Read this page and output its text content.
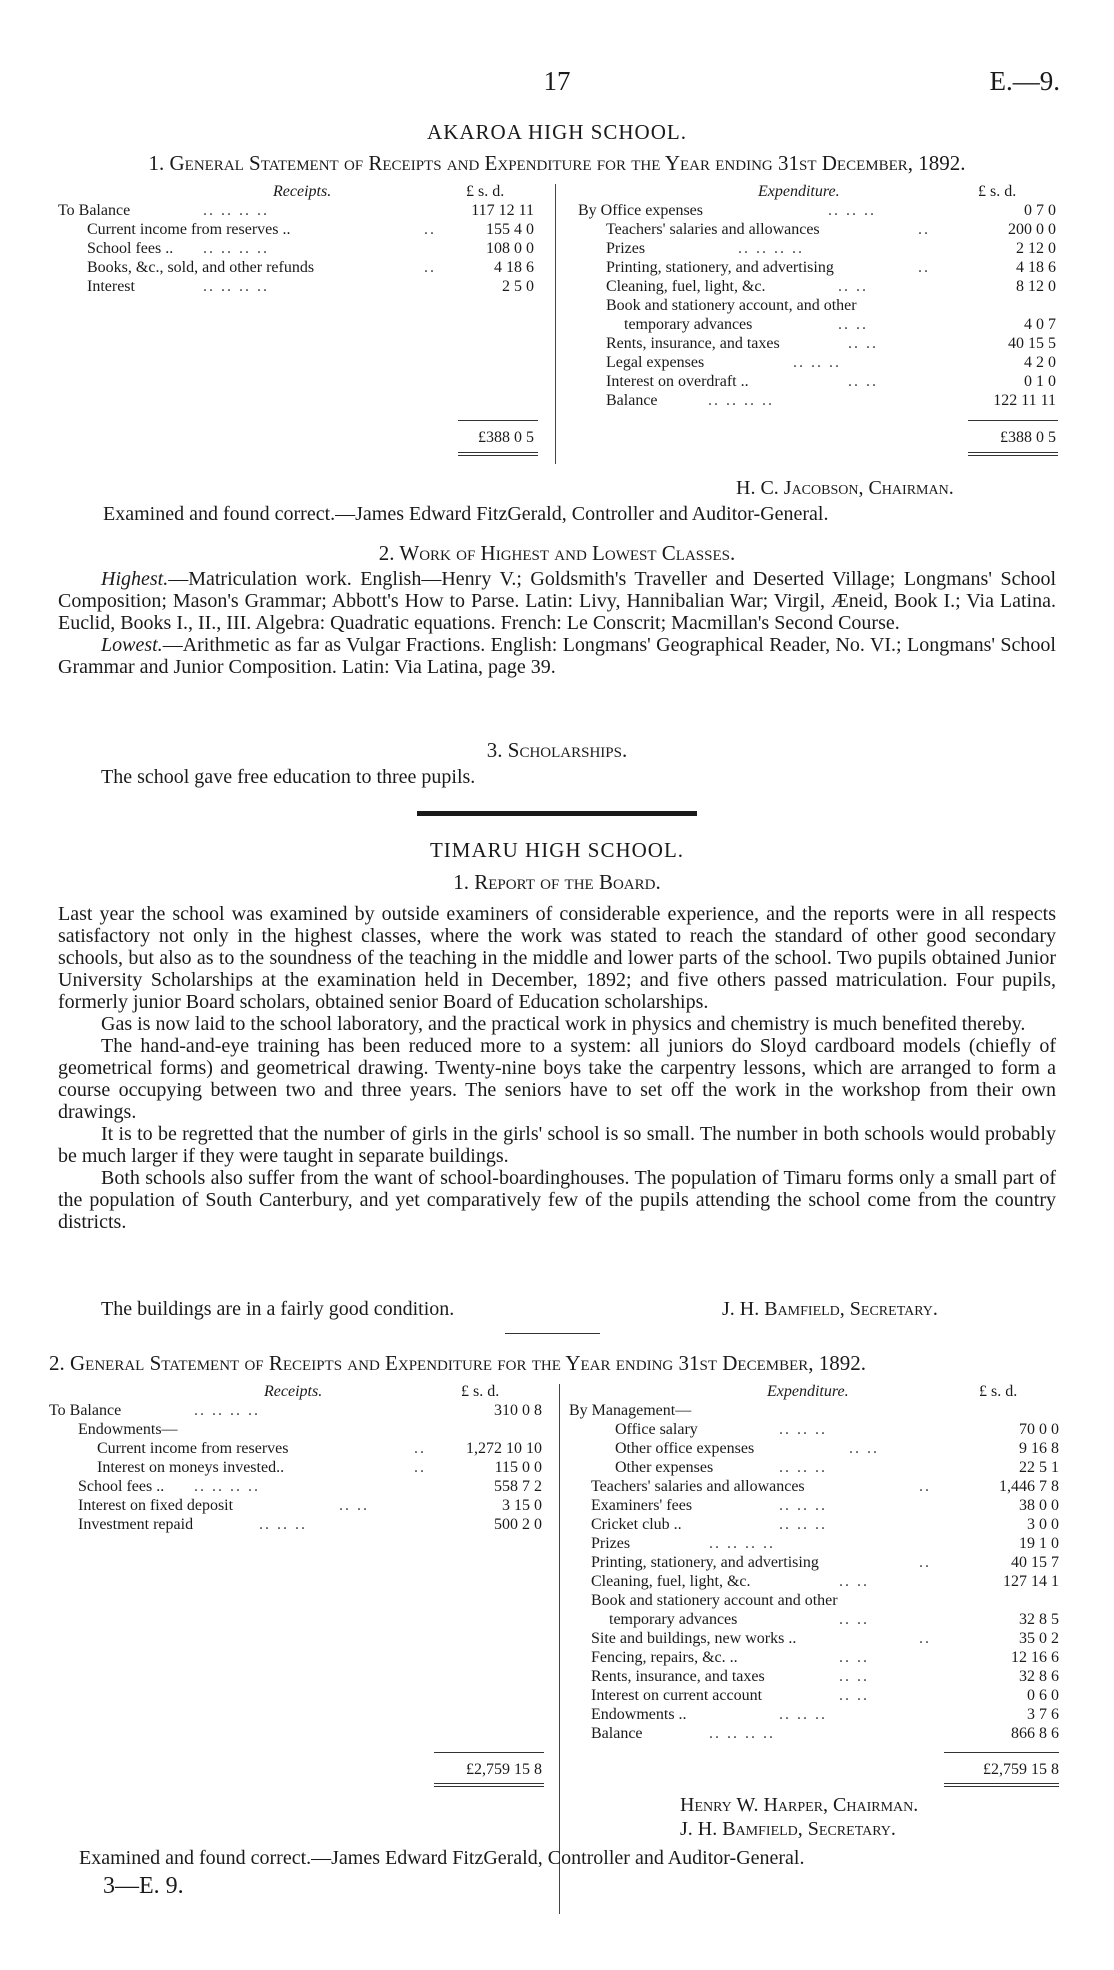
17	E.—9.
AKAROA HIGH SCHOOL.
1. General Statement of Receipts and Expenditure for the Year ending 31st December, 1892.
Receipts.	£ s. d.	Expenditure.	£ s. d.
To Balance	.. .. .. ..	117 12 11
Current income from reserves ..	..	155 4 0
School fees .. .. .. .. ..	108 0 0
Books, &c., sold, and other refunds	..	4 18 6
Interest	.. .. .. ..	2 5 0
By Office expenses	.. .. ..	0 7 0
Teachers' salaries and allowances	..	200 0 0
Prizes	.. .. .. ..	2 12 0
Printing, stationery, and advertising	..	4 18 6
Cleaning, fuel, light, &c.	.. ..	8 12 0
Book and stationery account, and other
temporary advances	.. ..	4 0 7
Rents, insurance, and taxes	.. ..	40 15 5
Legal expenses	.. .. ..	4 2 0
Interest on overdraft ..	.. ..	0 1 0
Balance	.. .. .. ..	122 11 11
£388 0 5	£388 0 5
H. C. Jacobson, Chairman.
Examined and found correct.—James Edward FitzGerald, Controller and Auditor-General.
2. Work of Highest and Lowest Classes.

Highest.—Matriculation work. English—Henry V.; Goldsmith's Traveller and Deserted Village; Longmans' School Composition; Mason's Grammar; Abbott's How to Parse. Latin: Livy, Hannibalian War; Virgil, Æneid, Book I.; Via Latina. Euclid, Books I., II., III. Algebra: Quadratic equations. French: Le Conscrit; Macmillan's Second Course.

Lowest.—Arithmetic as far as Vulgar Fractions. English: Longmans' Geographical Reader, No. VI.; Longmans' School Grammar and Junior Composition. Latin: Via Latina, page 39.

3. Scholarships.
The school gave free education to three pupils.
TIMARU HIGH SCHOOL.
1. Report of the Board.

Last year the school was examined by outside examiners of considerable experience, and the reports were in all respects satisfactory not only in the highest classes, where the work was stated to reach the standard of other good secondary schools, but also as to the soundness of the teaching in the middle and lower parts of the school. Two pupils obtained Junior University Scholarships at the examination held in December, 1892; and five others passed matriculation. Four pupils, formerly junior Board scholars, obtained senior Board of Education scholarships.

Gas is now laid to the school laboratory, and the practical work in physics and chemistry is much benefited thereby.

The hand-and-eye training has been reduced more to a system: all juniors do Sloyd cardboard models (chiefly of geometrical forms) and geometrical drawing. Twenty-nine boys take the carpentry lessons, which are arranged to form a course occupying between two and three years. The seniors have to set off the work in the workshop from their own drawings.

It is to be regretted that the number of girls in the girls' school is so small. The number in both schools would probably be much larger if they were taught in separate buildings.

Both schools also suffer from the want of school-boardinghouses. The population of Timaru forms only a small part of the population of South Canterbury, and yet comparatively few of the pupils attending the school come from the country districts.

The buildings are in a fairly good condition.	J. H. Bamfield, Secretary.
2. General Statement of Receipts and Expenditure for the Year ending 31st December, 1892.
Receipts.	£ s. d.	Expenditure.	£ s. d.
To Balance	.. .. .. ..	310 0 8
Endowments—
Current income from reserves	..	1,272 10 10
Interest on moneys invested..	..	115 0 0
School fees .. .. .. .. ..	558 7 2
Interest on fixed deposit	.. ..	3 15 0
Investment repaid	.. .. ..	500 2 0
By Management—
Office salary	.. .. ..	70 0 0
Other office expenses	.. ..	9 16 8
Other expenses	.. .. ..	22 5 1
Teachers' salaries and allowances	..	1,446 7 8
Examiners' fees	.. .. ..	38 0 0
Cricket club ..	.. .. ..	3 0 0
Prizes	.. .. .. ..	19 1 0
Printing, stationery, and advertising	..	40 15 7
Cleaning, fuel, light, &c.	.. ..	127 14 1
Book and stationery account and other
temporary advances	.. ..	32 8 5
Site and buildings, new works ..	..	35 0 2
Fencing, repairs, &c. ..	.. ..	12 16 6
Rents, insurance, and taxes	.. ..	32 8 6
Interest on current account	.. ..	0 6 0
Endowments ..	.. .. ..	3 7 6
Balance	.. .. .. ..	866 8 6
£2,759 15 8	£2,759 15 8
Henry W. Harper, Chairman.
J. H. Bamfield, Secretary.
Examined and found correct.—James Edward FitzGerald, Controller and Auditor-General.
3—E. 9.
